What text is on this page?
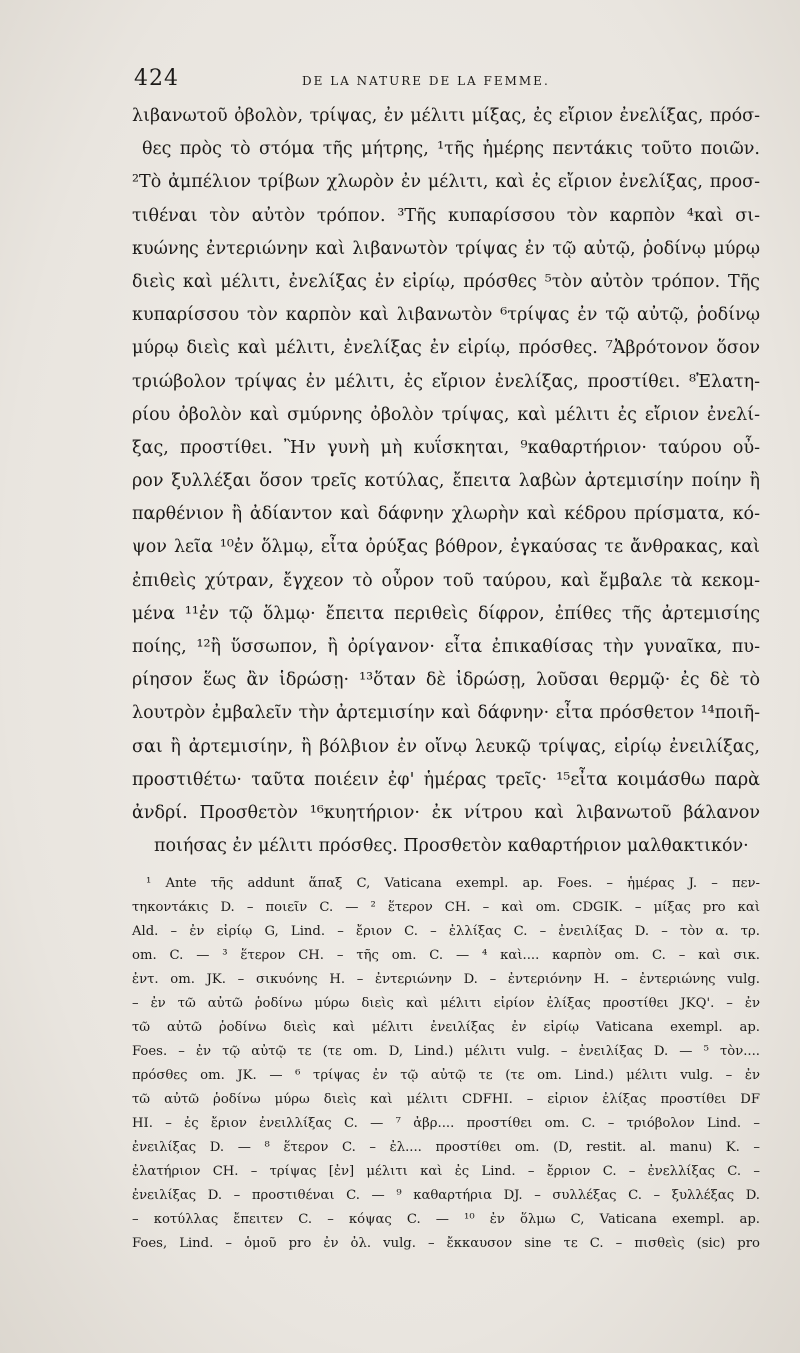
424	DE LA NATURE DE LA FEMME.
λιβανωτοῦ ὀβολὸν, τρίψας, ἐν μέλιτι μίξας, ἐς εἴριον ἐνελίξας, πρόσ-
θες πρὸς τὸ στόμα τῆς μήτρης, ¹τῆς ἡμέρης πεντάκις τοῦτο ποιῶν.
²Τὸ ἀμπέλιον τρίβων χλωρὸν ἐν μέλιτι, καὶ ἐς εἴριον ἐνελίξας, προσ-
τιθέναι τὸν αὐτὸν τρόπον. ³Τῆς κυπαρίσσου τὸν καρπὸν ⁴καὶ σι-
κυώνης ἐντεριώνην καὶ λιβανωτὸν τρίψας ἐν τῷ αὐτῷ, ῥοδίνῳ μύρῳ
διεὶς καὶ μέλιτι, ἐνελίξας ἐν εἰρίῳ, πρόσθες ⁵τὸν αὐτὸν τρόπον. Τῆς
κυπαρίσσου τὸν καρπὸν καὶ λιβανωτὸν ⁶τρίψας ἐν τῷ αὐτῷ, ῥοδίνῳ
μύρῳ διεὶς καὶ μέλιτι, ἐνελίξας ἐν εἰρίῳ, πρόσθες. ⁷Ἀβρότονον ὅσον
τριώβολον τρίψας ἐν μέλιτι, ἐς εἴριον ἐνελίξας, προστίθει. ⁸Ἐλατη-
ρίου ὀβολὸν καὶ σμύρνης ὀβολὸν τρίψας, καὶ μέλιτι ἐς εἴριον ἐνελί-
ξας, προστίθει. Ἢν γυνὴ μὴ κυΐσκηται, ⁹καθαρτήριον· ταύρου οὖ-
ρον ξυλλέξαι ὅσον τρεῖς κοτύλας, ἔπειτα λαβὼν ἀρτεμισίην ποίην ἢ
παρθένιον ἢ ἀδίαντον καὶ δάφνην χλωρὴν καὶ κέδρου πρίσματα, κό-
ψον λεῖα ¹⁰ἐν ὅλμῳ, εἶτα ὀρύξας βόθρον, ἐγκαύσας τε ἄνθρακας, καὶ
ἐπιθεὶς χύτραν, ἔγχεον τὸ οὖρον τοῦ ταύρου, καὶ ἔμβαλε τὰ κεκομ-
μένα ¹¹ἐν τῷ ὅλμῳ· ἔπειτα περιθεὶς δίφρον, ἐπίθες τῆς ἀρτεμισίης
ποίης, ¹²ἢ ὕσσωπον, ἢ ὀρίγανον· εἶτα ἐπικαθίσας τὴν γυναῖκα, πυ-
ρίησον ἕως ἂν ἱδρώσῃ· ¹³ὅταν δὲ ἱδρώσῃ, λοῦσαι θερμῷ· ἐς δὲ τὸ
λουτρὸν ἐμβαλεῖν τὴν ἀρτεμισίην καὶ δάφνην· εἶτα πρόσθετον ¹⁴ποιῆ-
σαι ἢ ἀρτεμισίην, ἢ βόλβιον ἐν οἴνῳ λευκῷ τρίψας, εἰρίῳ ἐνειλίξας,
προστιθέτω· ταῦτα ποιέειν ἐφ' ἡμέρας τρεῖς· ¹⁵εἶτα κοιμάσθω παρὰ
ἀνδρί. Προσθετὸν ¹⁶κυητήριον· ἐκ νίτρου καὶ λιβανωτοῦ βάλανον
ποιήσας ἐν μέλιτι πρόσθες. Προσθετὸν καθαρτήριον μαλθακτικόν·
¹ Ante τῆς addunt ἅπαξ C, Vaticana exempl. ap. Foes. – ἡμέρας J. – πεν-
τηκοντάκις D. – ποιεῖν C. — ² ἕτερον CH. – καὶ om. CDGIK. – μίξας pro καὶ
Ald. – ἐν εἰρίῳ G, Lind. – ἔριον C. – ἐλλίξας C. – ἐνειλίξας D. – τὸν α. τρ.
om. C. — ³ ἕτερον CH. – τῆς om. C. — ⁴ καὶ.... καρπὸν om. C. – καὶ σικ.
ἐντ. om. JK. – σικυόνης H. – ἐντεριώνην D. – ἐντεριόνην H. – ἐντεριώνης vulg.
– ἐν τῶ αὐτῶ ῥοδίνω μύρω διεὶς καὶ μέλιτι εἰρίον ἐλίξας προστίθει JKQ'. – ἐν
τῶ αὐτῶ ῥοδίνω διεὶς καὶ μέλιτι ἐνειλίξας ἐν εἰρίῳ Vaticana exempl. ap.
Foes. – ἐν τῷ αὐτῷ τε (τε om. D, Lind.) μέλιτι vulg. – ἐνειλίξας D. — ⁵ τὸν....
πρόσθες om. JK. — ⁶ τρίψας ἐν τῷ αὐτῷ τε (τε om. Lind.) μέλιτι vulg. – ἐν
τῶ αὐτῶ ῥοδίνω μύρω διεὶς καὶ μέλιτι CDFHI. – εἰριον ἐλίξας προστίθει DF
HI. – ἐς ἔριον ἐνειλλίξας C. — ⁷ ἀβρ.... προστίθει om. C. – τριόβολον Lind. –
ἐνειλίξας D. — ⁸ ἕτερον C. – ἐλ.... προστίθει om. (D, restit. al. manu) K. –
ἐλατήριον CH. – τρίψας [ἐν] μέλιτι καὶ ἐς Lind. – ἔρριον C. – ἐνελλίξας C. –
ἐνειλίξας D. – προστιθέναι C. — ⁹ καθαρτήρια DJ. – συλλέξας C. – ξυλλέξας D.
– κοτύλλας ἔπειτεν C. – κόψας C. — ¹⁰ ἐν ὅλμω C, Vaticana exempl. ap.
Foes, Lind. – ὁμοῦ pro ἐν ὀλ. vulg. – ἔκκαυσον sine τε C. – πισθεὶς (sic) pro
